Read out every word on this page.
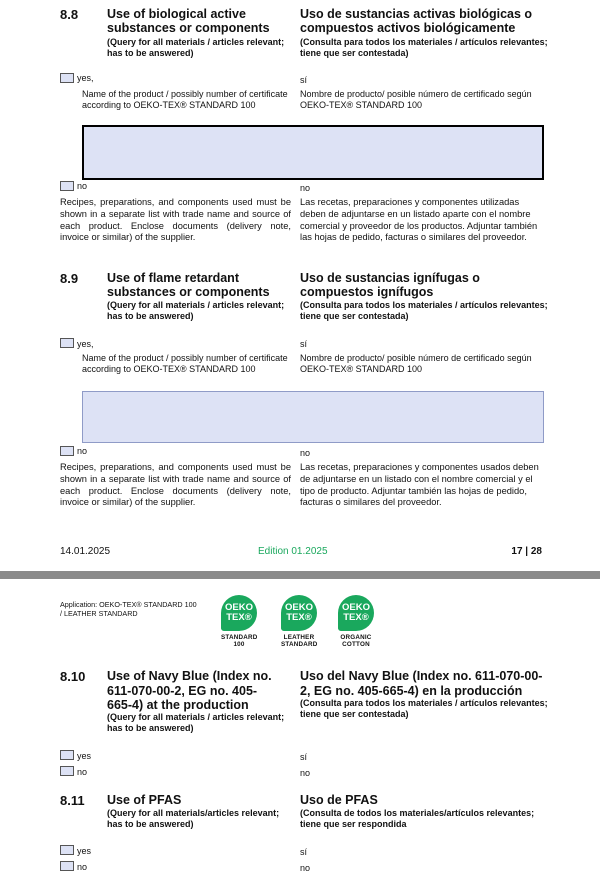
8.8 Use of biological active substances or components
(Query for all materials / articles relevant; has to be answered)
Uso de sustancias activas biológicas o compuestos activos biológicamente
(Consulta para todos los materiales / artículos relevantes; tiene que ser contestada)
yes,	sí
Name of the product / possibly number of certificate according to OEKO-TEX® STANDARD 100
Nombre de producto/ posible número de certificado según OEKO-TEX® STANDARD 100
no	no
Recipes, preparations, and components used must be shown in a separate list with trade name and source of each product. Enclose documents (delivery note, invoice or similar) of the supplier.
Las recetas, preparaciones y componentes utilizadas deben de adjuntarse en un listado aparte con el nombre comercial y proveedor de los productos. Adjuntar también las hojas de pedido, facturas o similares del proveedor.
8.9 Use of flame retardant substances or components
(Query for all materials / articles relevant; has to be answered)
Uso de sustancias ignífugas o compuestos ignífugos
(Consulta para todos los materiales / artículos relevantes; tiene que ser contestada)
yes,	sí
Name of the product / possibly number of certificate according to OEKO-TEX® STANDARD 100
Nombre de producto/ posible número de certificado según OEKO-TEX® STANDARD 100
no	no
Recipes, preparations, and components used must be shown in a separate list with trade name and source of each product. Enclose documents (delivery note, invoice or similar) of the supplier.
Las recetas, preparaciones y componentes usados deben de adjuntarse en un listado con el nombre comercial y el tipo de producto. Adjuntar también las hojas de pedido, facturas o similares del proveedor.
14.01.2025	Edition 01.2025	17 | 28
Application: OEKO-TEX® STANDARD 100 / LEATHER STANDARD
OEKO
TEX®
STANDARD 100
OEKO
TEX®
LEATHER STANDARD
OEKO
TEX®
ORGANIC COTTON
8.10 Use of Navy Blue (Index no. 611-070-00-2, EG no. 405-665-4) at the production
(Query for all materials / articles relevant; has to be answered)
Uso del Navy Blue (Index no. 611-070-00-2, EG no. 405-665-4) en la producción
(Consulta para todos los materiales / artículos relevantes; tiene que ser contestada)
yes	sí
no	no
8.11 Use of PFAS
(Query for all materials/articles relevant; has to be answered)
Uso de PFAS
(Consulta de todos los materiales/artículos relevantes; tiene que ser respondida
yes	sí
no	no
